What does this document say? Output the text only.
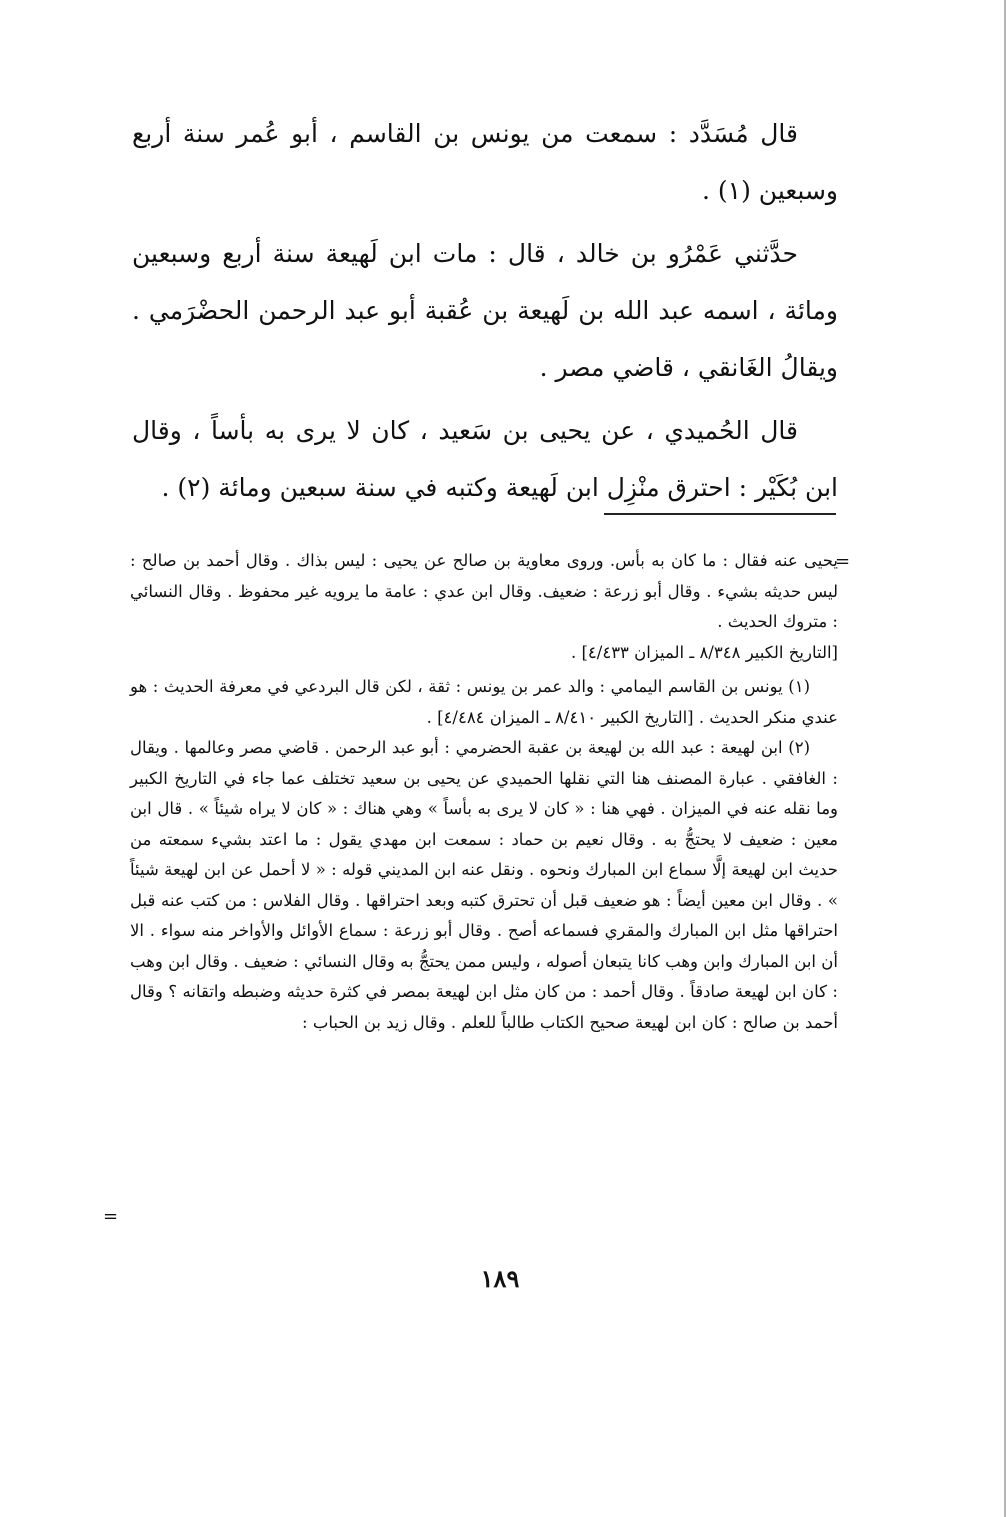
قال مُسَدَّد : سمعت من يونس بن القاسم ، أبو عُمر سنة أربع وسبعين (١) .

حدَّثني عَمْرُو بن خالد ، قال : مات ابن لَهيعة سنة أربع وسبعين ومائة ، اسمه عبد الله بن لَهيعة بن عُقبة أبو عبد الرحمن الحضْرَمي . ويقالُ الغَانقي ، قاضي مصر .

قال الحُميدي ، عن يحيى بن سَعيد ، كان لا يرى به بأساً ، وقال ابن بُكَيْر : احترق منْزِل ابن لَهيعة وكتبه في سنة سبعين ومائة (٢) .

=

يحيى عنه فقال : ما كان به بأس. وروى معاوية بن صالح عن يحيى : ليس بذاك . وقال أحمد بن صالح : ليس حديثه بشيء . وقال أبو زرعة : ضعيف. وقال ابن عدي : عامة ما يرويه غير محفوظ . وقال النسائي : متروك الحديث .

[التاريخ الكبير ٨/٣٤٨ ـ الميزان ٤/٤٣٣] .

(١) يونس بن القاسم اليمامي : والد عمر بن يونس : ثقة ، لكن قال البردعي في معرفة الحديث : هو عندي منكر الحديث . [التاريخ الكبير ٨/٤١٠ ـ الميزان ٤/٤٨٤] .

(٢) ابن لهيعة : عبد الله بن لهيعة بن عقبة الحضرمي : أبو عبد الرحمن . قاضي مصر وعالمها . ويقال : الغافقي . عبارة المصنف هنا التي نقلها الحميدي عن يحيى بن سعيد تختلف عما جاء في التاريخ الكبير وما نقله عنه في الميزان . فهي هنا : « كان لا يرى به بأساً » وهي هناك : « كان لا يراه شيئاً » . قال ابن معين : ضعيف لا يحتجُّ به . وقال نعيم بن حماد : سمعت ابن مهدي يقول : ما اعتد بشيء سمعته من حديث ابن لهيعة إلَّا سماع ابن المبارك ونحوه . ونقل عنه ابن المديني قوله : « لا أحمل عن ابن لهيعة شيئاً » . وقال ابن معين أيضاً : هو ضعيف قبل أن تحترق كتبه وبعد احتراقها . وقال الفلاس : من كتب عنه قبل احتراقها مثل ابن المبارك والمقري فسماعه أصح . وقال أبو زرعة : سماع الأوائل والأواخر منه سواء . الا أن ابن المبارك وابن وهب كانا يتبعان أصوله ، وليس ممن يحتجُّ به وقال النسائي : ضعيف . وقال ابن وهب : كان ابن لهيعة صادقاً . وقال أحمد : من كان مثل ابن لهيعة بمصر في كثرة حديثه وضبطه واتقانه ؟ وقال أحمد بن صالح : كان ابن لهيعة صحيح الكتاب طالباً للعلم . وقال زيد بن الحباب :

=
١٨٩
